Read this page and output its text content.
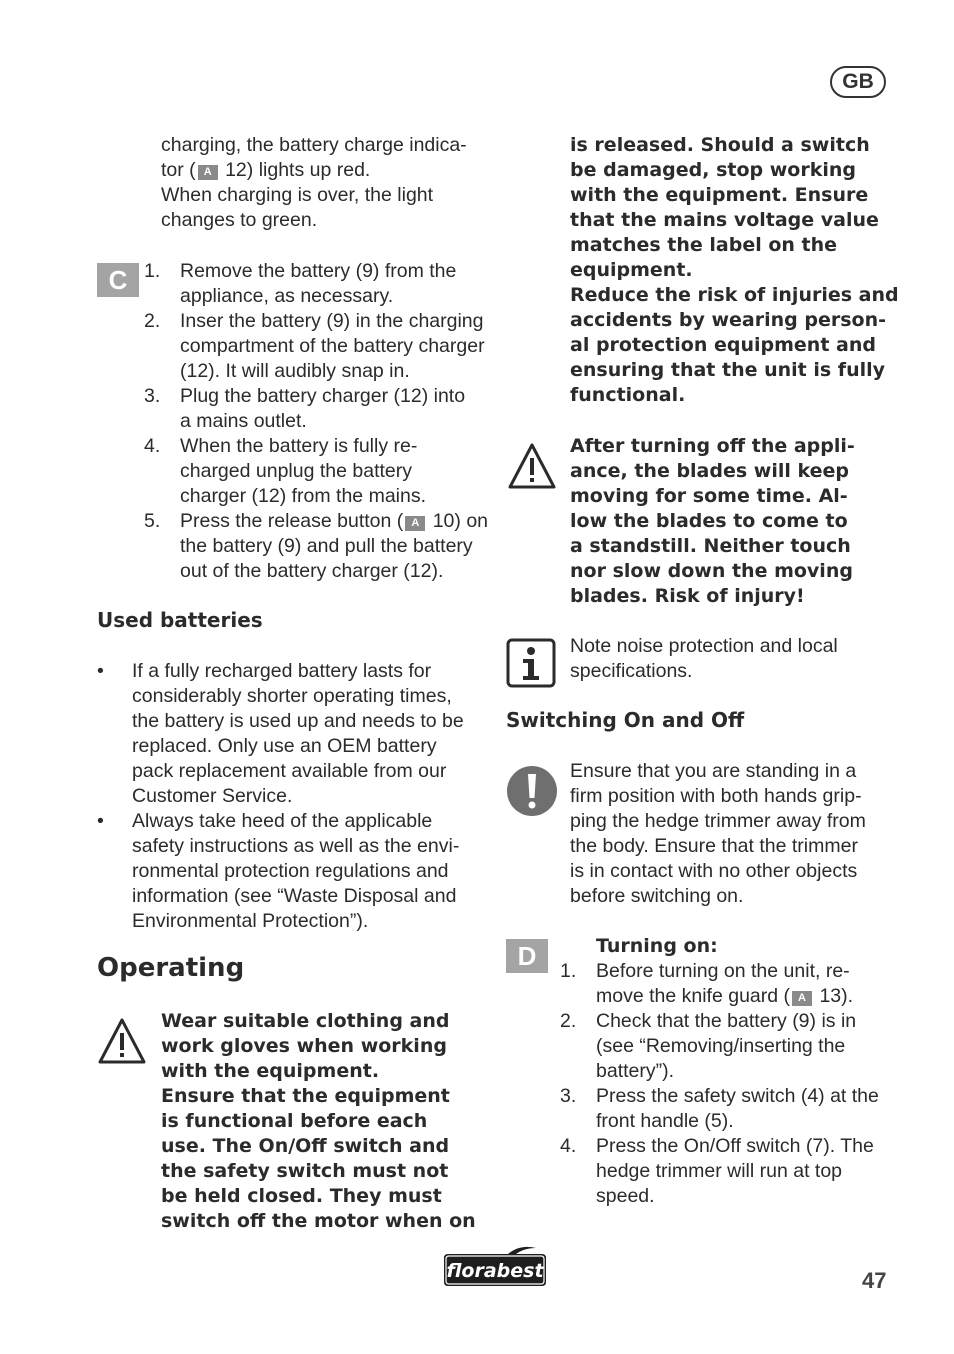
GB

charging, the battery charge indica-

tor ( A 12) lights up red.

When charging is over, the light

changes to green.

C 1. Remove the battery (9) from the
appliance, as necessary.
2. Inser the battery (9) in the charging
compartment of the battery charger
(12). It will audibly snap in.
3. Plug the battery charger (12) into
a mains outlet.
4. When the battery is fully re-
charged unplug the battery
charger (12) from the mains.
5. Press the release button ( A 10) on
the battery (9) and pull the battery
out of the battery charger (12).
Used batteries
• If a fully recharged battery lasts for
considerably shorter operating times,
the battery is used up and needs to be
replaced. Only use an OEM battery
pack replacement available from our
Customer Service.
• Always take heed of the applicable
safety instructions as well as the envi-
ronmental protection regulations and
information (see “Waste Disposal and
Environmental Protection”).
Operating

Wear suitable clothing and

work gloves when working

with the equipment.

Ensure that the equipment

is functional before each

use. The On/Off switch and

the safety switch must not

be held closed. They must

switch off the motor when on

is released. Should a switch

be damaged, stop working

with the equipment. Ensure

that the mains voltage value

matches the label on the

equipment.

Reduce the risk of injuries and

accidents by wearing person-

al protection equipment and

ensuring that the unit is fully

functional.

After turning off the appli-

ance, the blades will keep

moving for some time. Al-

low the blades to come to

a standstill. Neither touch

nor slow down the moving

blades. Risk of injury!

Note noise protection and local

specifications.

Switching On and Off

Ensure that you are standing in a

firm position with both hands grip-

ping the hedge trimmer away from

the body. Ensure that the trimmer

is in contact with no other objects

before switching on.

D	Turning on:

1. Before turning on the unit, re-
move the knife guard ( A 13).
2. Check that the battery (9) is in
(see “Removing/inserting the
battery”).
3. Press the safety switch (4) at the
front handle (5).
4. Press the On/Off switch (7). The
hedge trimmer will run at top
speed.
florabest	47
